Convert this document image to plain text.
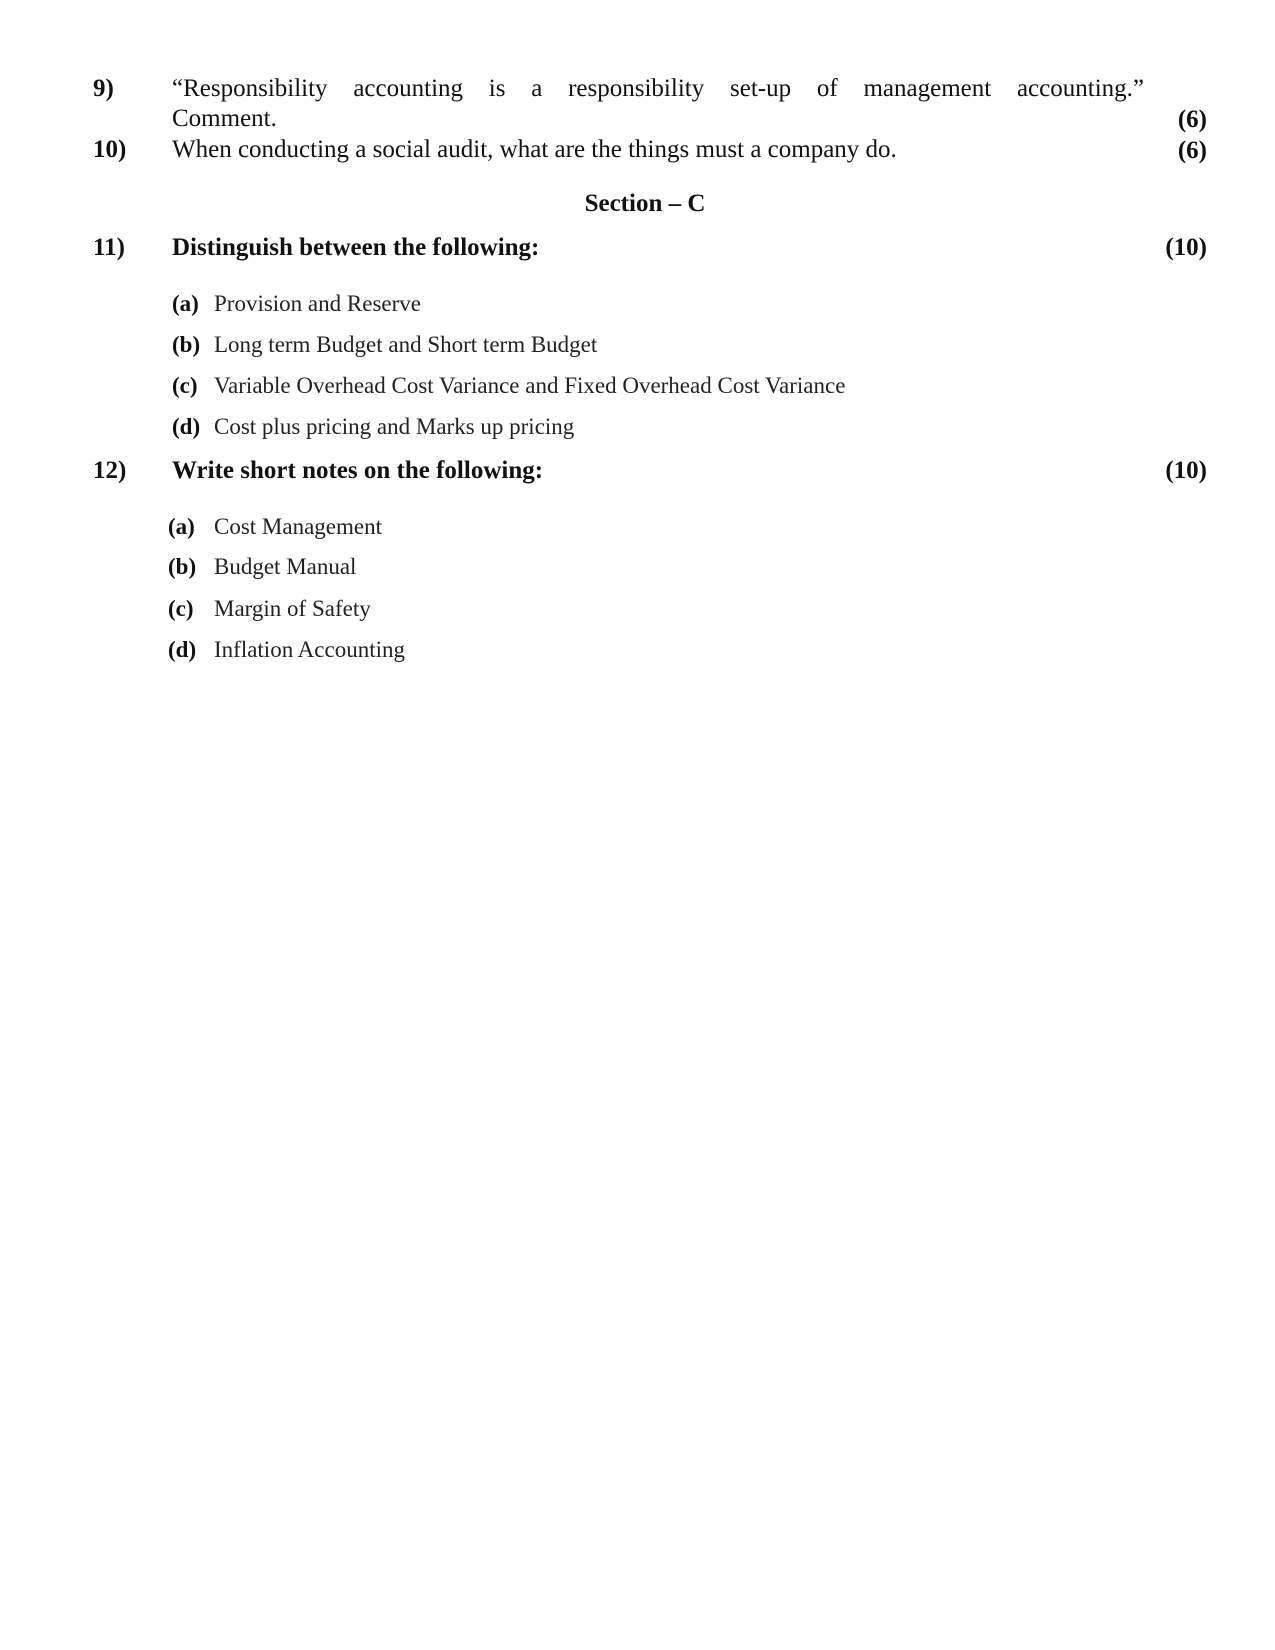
9) “Responsibility accounting is a responsibility set-up of management accounting.”
Comment.	(6)
10) When conducting a social audit, what are the things must a company do.	(6)
Section – C
11) Distinguish between the following:	(10)
(a) Provision and Reserve
(b) Long term Budget and Short term Budget
(c) Variable Overhead Cost Variance and Fixed Overhead Cost Variance
(d) Cost plus pricing and Marks up pricing
12) Write short notes on the following:	(10)
(a) Cost Management
(b) Budget Manual
(c) Margin of Safety
(d) Inflation Accounting
